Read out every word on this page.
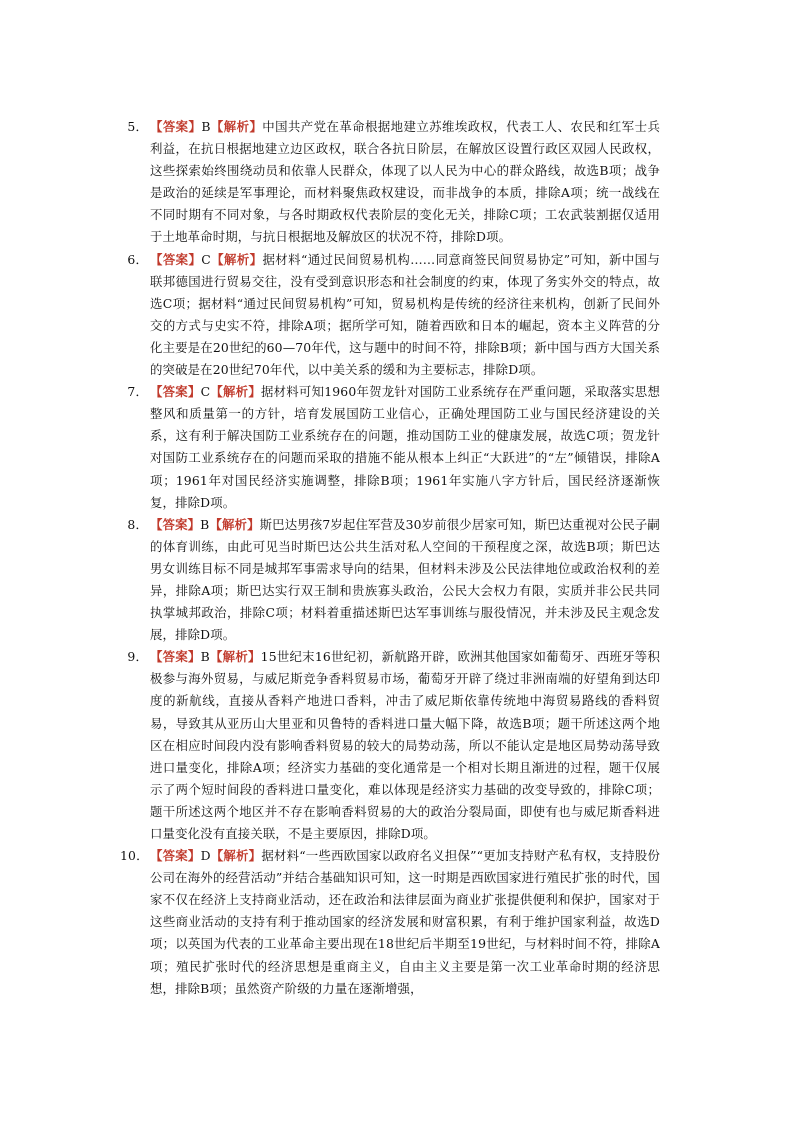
5． 【答案】B【解析】中国共产党在革命根据地建立苏维埃政权，代表工人、农民和红军士兵利益，在抗日根据地建立边区政权，联合各抗日阶层，在解放区设置行政区双园人民政权，这些探索始终围绕动员和依靠人民群众，体现了以人民为中心的群众路线，故选B项；战争是政治的延续是军事理论，而材料聚焦政权建设，而非战争的本质，排除A项；统一战线在不同时期有不同对象，与各时期政权代表阶层的变化无关，排除C项；工农武装割据仅适用于土地革命时期，与抗日根据地及解放区的状况不符，排除D项。

6． 【答案】C【解析】据材料“通过民间贸易机构……同意商签民间贸易协定”可知，新中国与联邦德国进行贸易交往，没有受到意识形态和社会制度的约束，体现了务实外交的特点，故选C项；据材料“通过民间贸易机构”可知，贸易机构是传统的经济往来机构，创新了民间外交的方式与史实不符，排除A项；据所学可知，随着西欧和日本的崛起，资本主义阵营的分化主要是在20世纪的60—70年代，这与题中的时间不符，排除B项；新中国与西方大国关系的突破是在20世纪70年代，以中美关系的缓和为主要标志，排除D项。

7． 【答案】C【解析】据材料可知1960年贺龙针对国防工业系统存在严重问题，采取落实思想整风和质量第一的方针，培育发展国防工业信心，正确处理国防工业与国民经济建设的关系，这有利于解决国防工业系统存在的问题，推动国防工业的健康发展，故选C项；贺龙针对国防工业系统存在的问题而采取的措施不能从根本上纠正“大跃进”的“左”倾错误，排除A项；1961年对国民经济实施调整，排除B项；1961年实施八字方针后，国民经济逐渐恢复，排除D项。

8． 【答案】B【解析】斯巴达男孩7岁起住军营及30岁前很少居家可知，斯巴达重视对公民子嗣的体育训练，由此可见当时斯巴达公共生活对私人空间的干预程度之深，故选B项；斯巴达男女训练目标不同是城邦军事需求导向的结果，但材料未涉及公民法律地位或政治权利的差异，排除A项；斯巴达实行双王制和贵族寡头政治，公民大会权力有限，实质并非公民共同执掌城邦政治，排除C项；材料着重描述斯巴达军事训练与服役情况，并未涉及民主观念发展，排除D项。

9． 【答案】B【解析】15世纪末16世纪初，新航路开辟，欧洲其他国家如葡萄牙、西班牙等积极参与海外贸易，与威尼斯竞争香料贸易市场，葡萄牙开辟了绕过非洲南端的好望角到达印度的新航线，直接从香料产地进口香料，冲击了威尼斯依靠传统地中海贸易路线的香料贸易，导致其从亚历山大里亚和贝鲁特的香料进口量大幅下降，故选B项；题干所述这两个地区在相应时间段内没有影响香料贸易的较大的局势动荡，所以不能认定是地区局势动荡导致进口量变化，排除A项；经济实力基础的变化通常是一个相对长期且渐进的过程，题干仅展示了两个短时间段的香料进口量变化，难以体现是经济实力基础的改变导致的，排除C项；题干所述这两个地区并不存在影响香料贸易的大的政治分裂局面，即使有也与威尼斯香料进口量变化没有直接关联，不是主要原因，排除D项。

10． 【答案】D【解析】据材料“一些西欧国家以政府名义担保”“更加支持财产私有权，支持股份公司在海外的经营活动”并结合基础知识可知，这一时期是西欧国家进行殖民扩张的时代，国家不仅在经济上支持商业活动，还在政治和法律层面为商业扩张提供便利和保护，国家对于这些商业活动的支持有利于推动国家的经济发展和财富积累，有利于维护国家利益，故选D项；以英国为代表的工业革命主要出现在18世纪后半期至19世纪，与材料时间不符，排除A项；殖民扩张时代的经济思想是重商主义，自由主义主要是第一次工业革命时期的经济思想，排除B项；虽然资产阶级的力量在逐渐增强，
